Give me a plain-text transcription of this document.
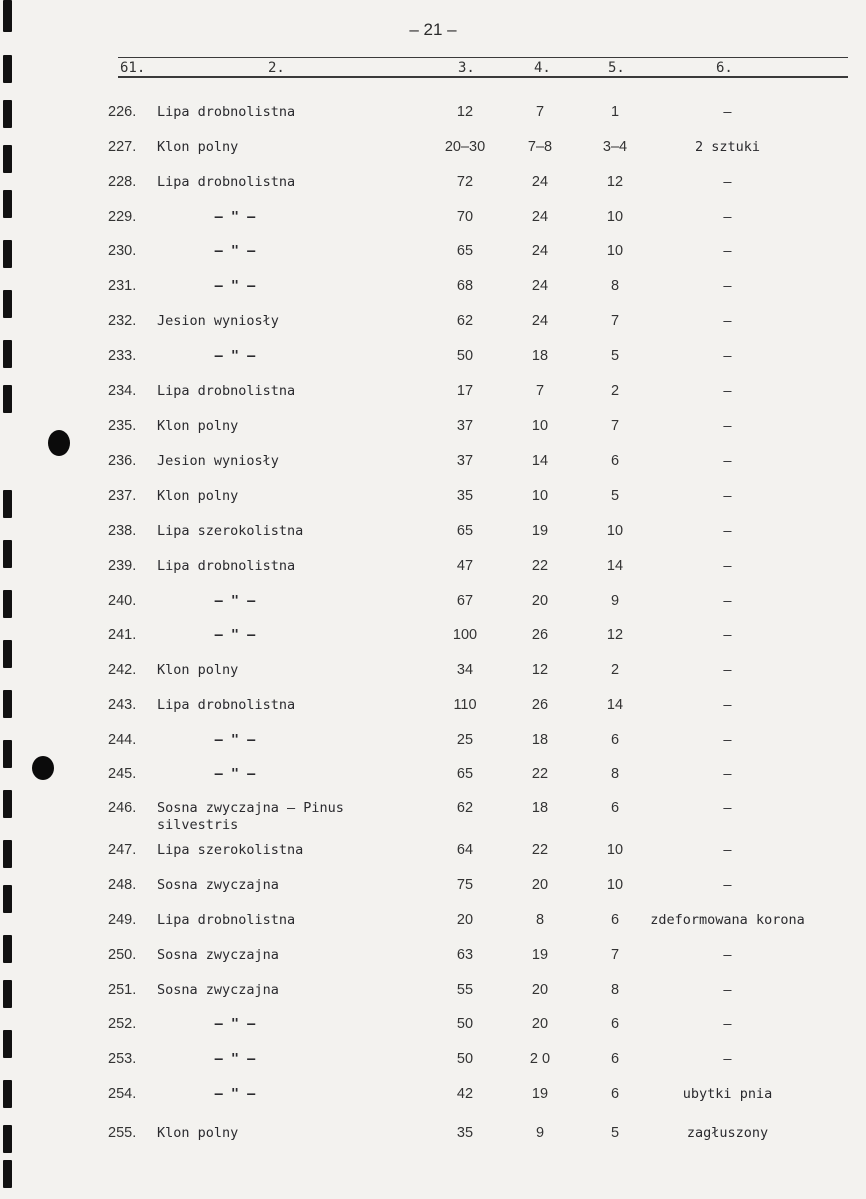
– 21 –
61.	2.	3.	4.	5.	6.
226. Lipa drobnolistna	12	7	1	–
227. Klon polny	20–30	7–8	3–4	2 sztuki
228. Lipa drobnolistna	72	24	12	–
229.	– " –	70	24	10	–
230.	– " –	65	24	10	–
231.	– " –	68	24	8	–
232. Jesion wyniosły	62	24	7	–
233.	– " –	50	18	5	–
234. Lipa drobnolistna	17	7	2	–
235. Klon polny	37	10	7	–
236. Jesion wyniosły	37	14	6	–
237. Klon polny	35	10	5	–
238. Lipa szerokolistna	65	19	10	–
239. Lipa drobnolistna	47	22	14	–
240.	– " –	67	20	9	–
241.	– " –	100	26	12	–
242. Klon polny	34	12	2	–
243. Lipa drobnolistna	110	26	14	–
244.	– " –	25	18	6	–
245.	– " –	65	22	8	–
246. Sosna zwyczajna – Pinus
silvestris
62	18	6	–
247. Lipa szerokolistna	64	22	10	–
248. Sosna zwyczajna	75	20	10	–
249. Lipa drobnolistna	20	8	6	zdeformowana korona
250. Sosna zwyczajna	63	19	7	–
251. Sosna zwyczajna	55	20	8	–
252.	– " –	50	20	6	–
253.	– " –	50	2 0	6	–
254.	– " –	42	19	6	ubytki pnia
255. Klon polny	35	9	5	zagłuszony
